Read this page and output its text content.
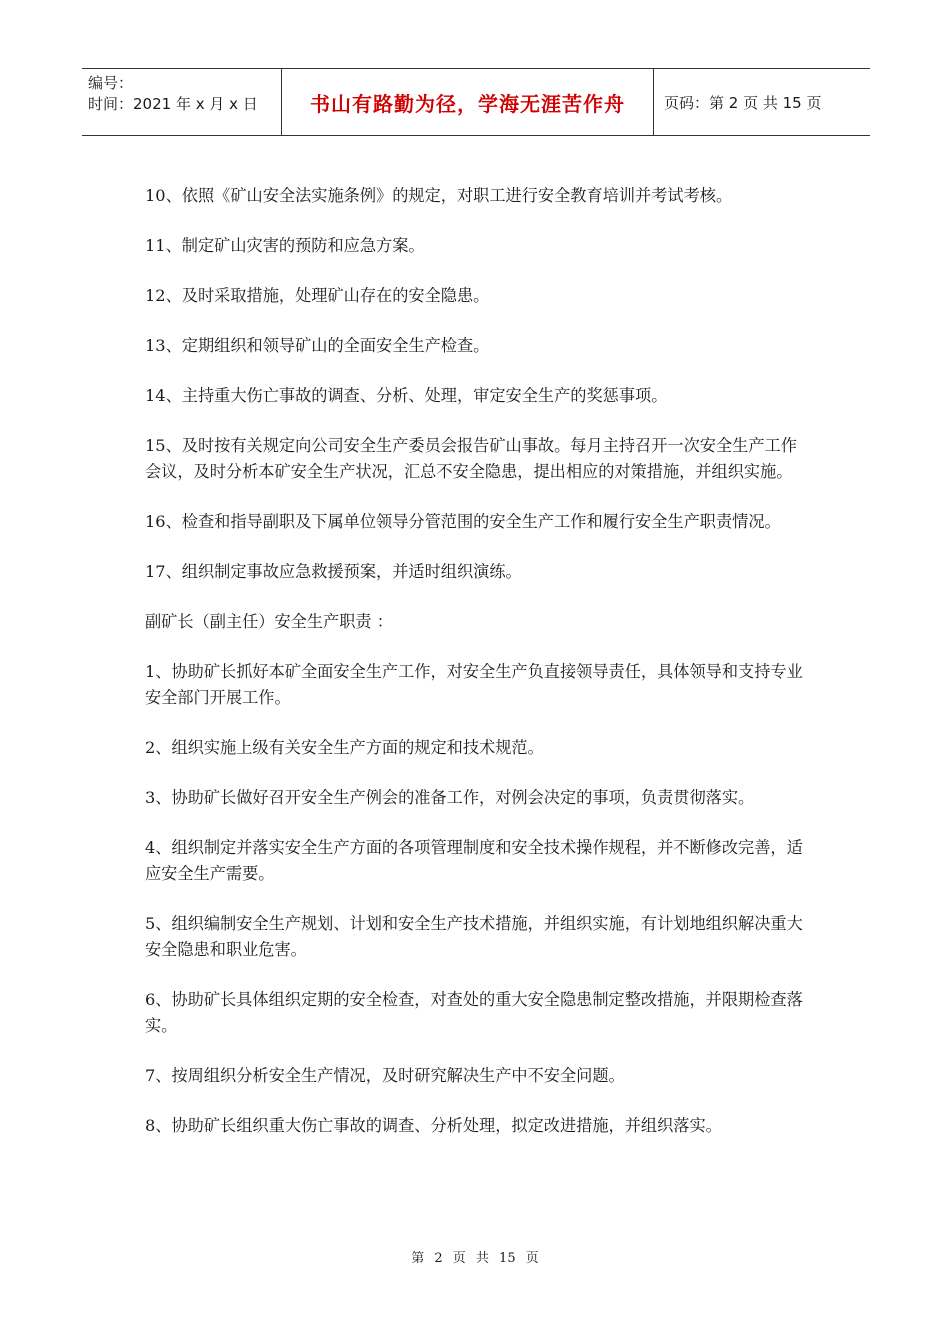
编号：
时间：2021 年 x 月 x 日	书山有路勤为径，学海无涯苦作舟	页码：第 2 页 共 15 页

10、依照《矿山安全法实施条例》的规定，对职工进行安全教育培训并考试考核。

11、制定矿山灾害的预防和应急方案。

12、及时采取措施，处理矿山存在的安全隐患。

13、定期组织和领导矿山的全面安全生产检查。

14、主持重大伤亡事故的调查、分析、处理，审定安全生产的奖惩事项。

15、及时按有关规定向公司安全生产委员会报告矿山事故。每月主持召开一次安全生产工作会议，及时分析本矿安全生产状况，汇总不安全隐患，提出相应的对策措施，并组织实施。

16、检查和指导副职及下属单位领导分管范围的安全生产工作和履行安全生产职责情况。

17、组织制定事故应急救援预案，并适时组织演练。

副矿长（副主任）安全生产职责 ：

1、协助矿长抓好本矿全面安全生产工作，对安全生产负直接领导责任，具体领导和支持专业安全部门开展工作。

2、组织实施上级有关安全生产方面的规定和技术规范。

3、协助矿长做好召开安全生产例会的准备工作，对例会决定的事项，负责贯彻落实。

4、组织制定并落实安全生产方面的各项管理制度和安全技术操作规程，并不断修改完善，适应安全生产需要。

5、组织编制安全生产规划、计划和安全生产技术措施，并组织实施，有计划地组织解决重大安全隐患和职业危害。

6、协助矿长具体组织定期的安全检查，对查处的重大安全隐患制定整改措施，并限期检查落实。

7、按周组织分析安全生产情况，及时研究解决生产中不安全问题。

8、协助矿长组织重大伤亡事故的调查、分析处理，拟定改进措施，并组织落实。

第 2 页 共 15 页
